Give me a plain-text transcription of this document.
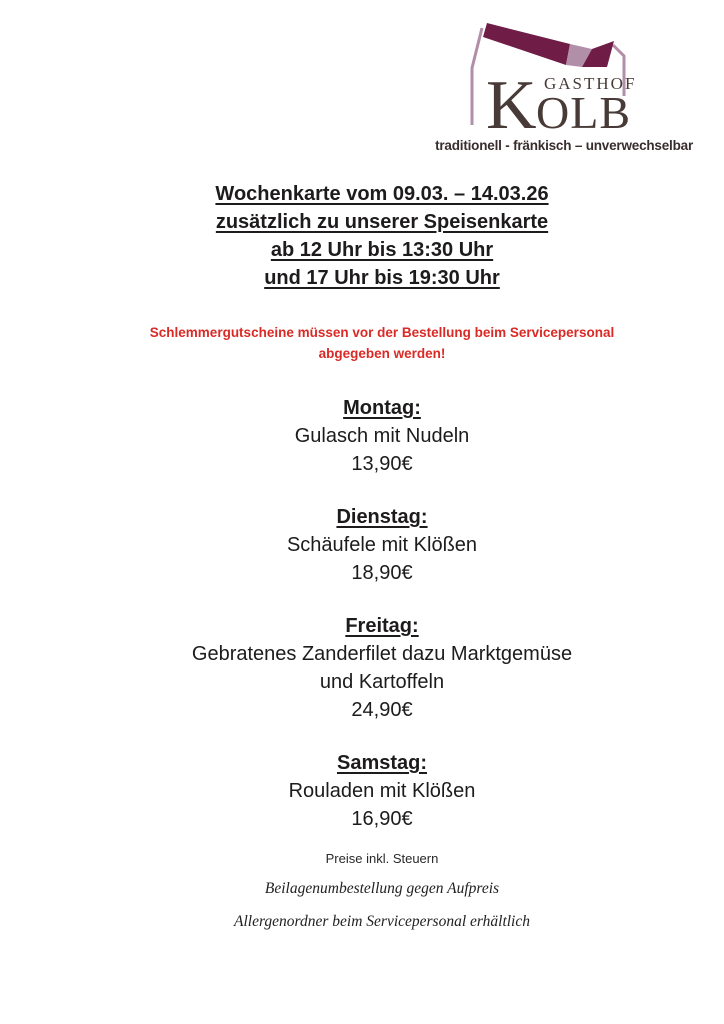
GASTHOF
K OLB
traditionell - fränkisch – unverwechselbar
Wochenkarte vom 09.03. – 14.03.26
zusätzlich zu unserer Speisenkarte
ab 12 Uhr bis 13:30 Uhr
und 17 Uhr bis 19:30 Uhr
Schlemmergutscheine müssen vor der Bestellung beim Servicepersonal abgegeben werden!
Montag:
Gulasch mit Nudeln
13,90€
Dienstag:
Schäufele mit Klößen
18,90€
Freitag:
Gebratenes Zanderfilet dazu Marktgemüse
und Kartoffeln
24,90€
Samstag:
Rouladen mit Klößen
16,90€
Preise inkl. Steuern
Beilagenumbestellung gegen Aufpreis
Allergenordner beim Servicepersonal erhältlich
